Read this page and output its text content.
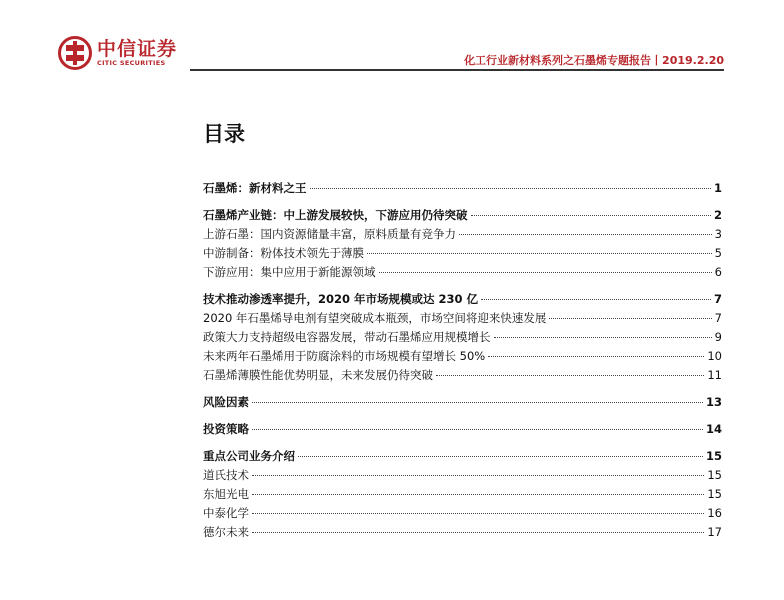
中信证券
CITIC SECURITIES	化工行业新材料系列之石墨烯专题报告丨2019.2.20
目录
石墨烯：新材料之王	1
石墨烯产业链：中上游发展较快，下游应用仍待突破	2
上游石墨：国内资源储量丰富，原料质量有竞争力	3
中游制备：粉体技术领先于薄膜	5
下游应用：集中应用于新能源领域	6
技术推动渗透率提升，2020 年市场规模或达 230 亿	7
2020 年石墨烯导电剂有望突破成本瓶颈，市场空间将迎来快速发展	7
政策大力支持超级电容器发展，带动石墨烯应用规模增长	9
未来两年石墨烯用于防腐涂料的市场规模有望增长 50%	10
石墨烯薄膜性能优势明显，未来发展仍待突破	11
风险因素	13
投资策略	14
重点公司业务介绍	15
道氏技术	15
东旭光电	15
中泰化学	16
德尔未来	17
